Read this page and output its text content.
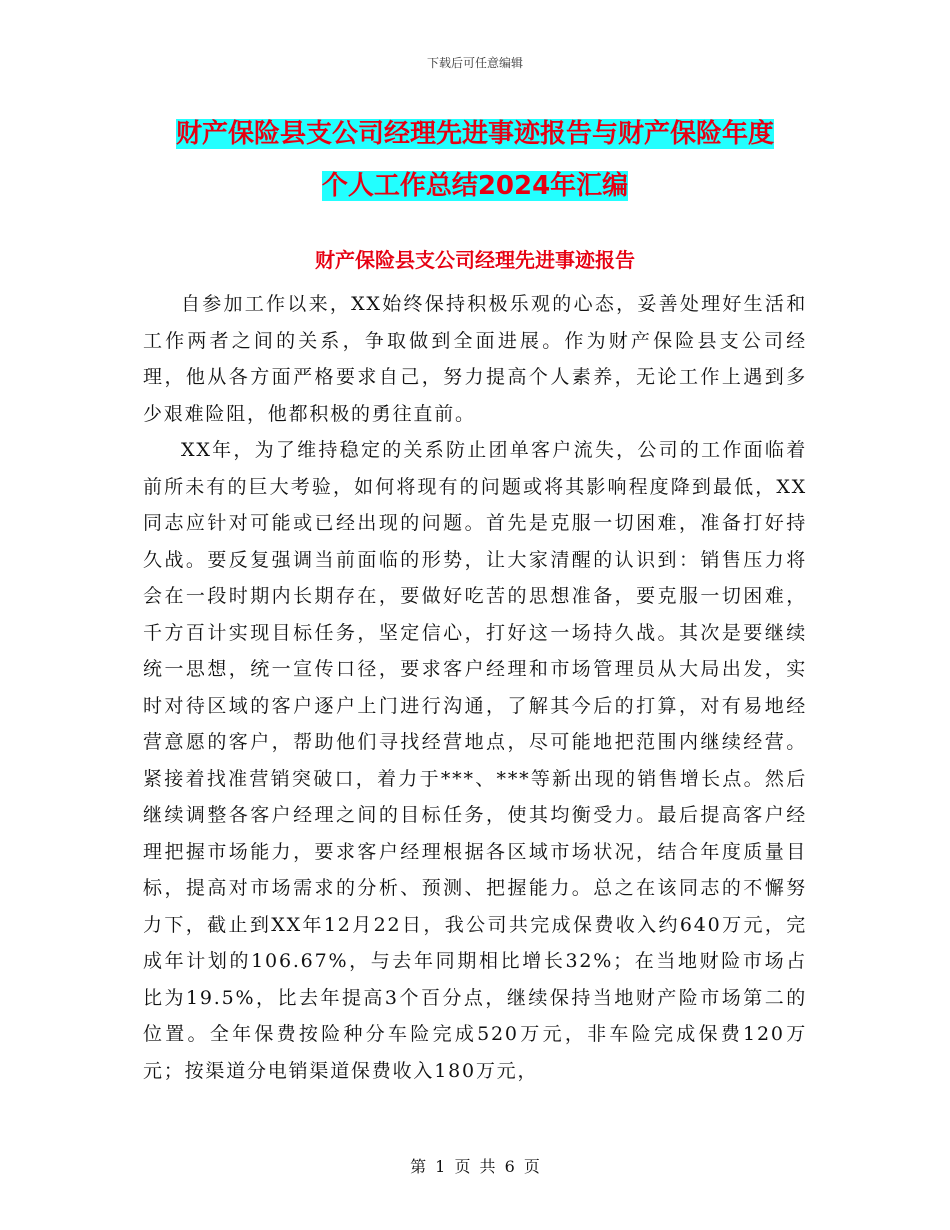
下载后可任意编辑
财产保险县支公司经理先进事迹报告与财产保险年度
个人工作总结2024年汇编
财产保险县支公司经理先进事迹报告

自参加工作以来，XX始终保持积极乐观的心态，妥善处理好生活和工作两者之间的关系，争取做到全面进展。作为财产保险县支公司经理，他从各方面严格要求自己，努力提高个人素养，无论工作上遇到多少艰难险阻，他都积极的勇往直前。

XX年，为了维持稳定的关系防止团单客户流失，公司的工作面临着前所未有的巨大考验，如何将现有的问题或将其影响程度降到最低，XX同志应针对可能或已经出现的问题。首先是克服一切困难，准备打好持久战。要反复强调当前面临的形势，让大家清醒的认识到：销售压力将会在一段时期内长期存在，要做好吃苦的思想准备，要克服一切困难，千方百计实现目标任务，坚定信心，打好这一场持久战。其次是要继续统一思想，统一宣传口径，要求客户经理和市场管理员从大局出发，实时对待区域的客户逐户上门进行沟通，了解其今后的打算，对有易地经营意愿的客户，帮助他们寻找经营地点，尽可能地把范围内继续经营。紧接着找准营销突破口，着力于***、***等新出现的销售增长点。然后继续调整各客户经理之间的目标任务，使其均衡受力。最后提高客户经理把握市场能力，要求客户经理根据各区域市场状况，结合年度质量目标，提高对市场需求的分析、预测、把握能力。总之在该同志的不懈努力下，截止到XX年12月22日，我公司共完成保费收入约640万元，完成年计划的106.67%，与去年同期相比增长32%；在当地财险市场占比为19.5%，比去年提高3个百分点，继续保持当地财产险市场第二的位置。全年保费按险种分车险完成520万元，非车险完成保费120万元；按渠道分电销渠道保费收入180万元，

第 1 页 共 6 页
